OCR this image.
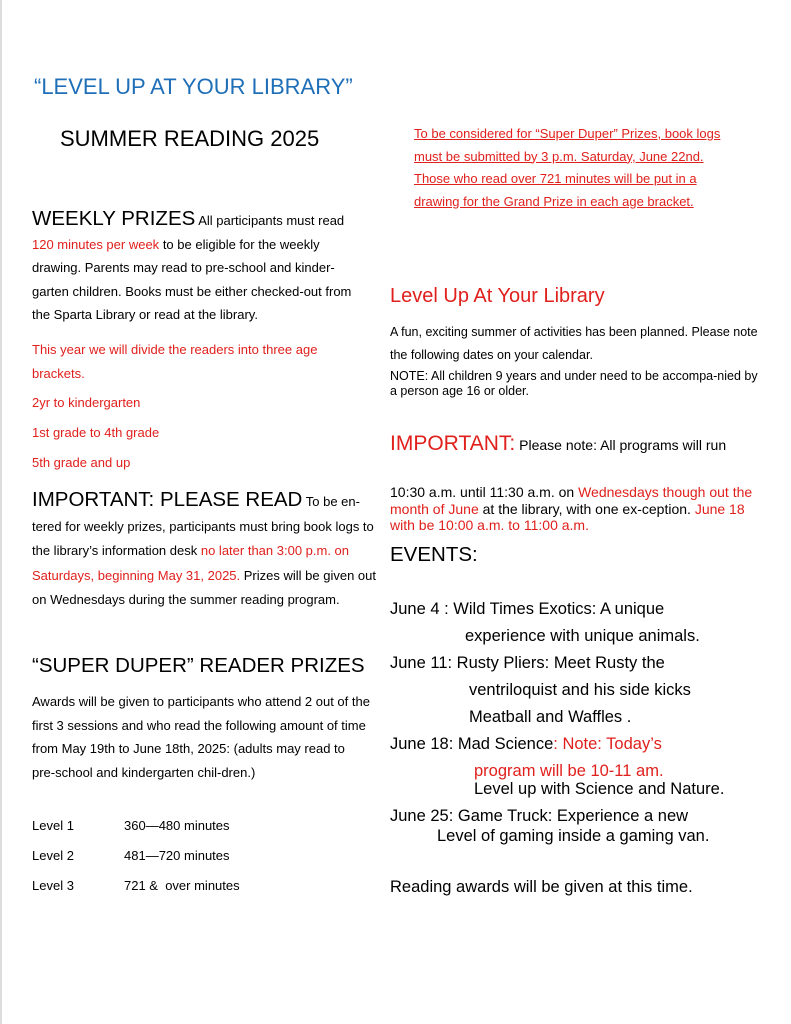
“LEVEL UP AT YOUR LIBRARY”
SUMMER READING 2025
WEEKLY PRIZES All participants must read 120 minutes per week to be eligible for the weekly drawing. Parents may read to pre-school and kinder-garten children. Books must be either checked-out from the Sparta Library or read at the library.
This year we will divide the readers into three age brackets.
2yr to kindergarten
1st grade to 4th grade
5th grade and up
IMPORTANT: PLEASE READ To be en-tered for weekly prizes, participants must bring book logs to the library’s information desk no later than 3:00 p.m. on Saturdays, beginning May 31, 2025. Prizes will be given out on Wednesdays during the summer reading program.
“SUPER DUPER” READER PRIZES
Awards will be given to participants who attend 2 out of the first 3 sessions and who read the following amount of time from May 19th to June 18th, 2025: (adults may read to pre-school and kindergarten chil-dren.)
Level 1	360—480 minutes
Level 2	481—720 minutes
Level 3	721 &  over minutes
To be considered for “Super Duper” Prizes, book logs must be submitted by 3 p.m. Saturday, June 22nd. Those who read over 721 minutes will be put in a drawing for the Grand Prize in each age bracket.
Level Up At Your Library
A fun, exciting summer of activities has been planned. Please note the following dates on your calendar.
NOTE: All children 9 years and under need to be accompa-nied by a person age 16 or older.
IMPORTANT: Please note: All programs will run
10:30 a.m. until 11:30 a.m. on Wednesdays though out the month of June at the library, with one ex-ception. June 18 with be 10:00 a.m. to 11:00 a.m.
EVENTS:
June 4 : Wild Times Exotics: A unique
experience with unique animals.
June 11: Rusty Pliers: Meet Rusty the
ventriloquist and his side kicks
Meatball and Waffles .
June 18: Mad Science: Note: Today’s
program will be 10-11 am.
Level up with Science and Nature.
June 25: Game Truck: Experience a new
Level of gaming inside a gaming van.
Reading awards will be given at this time.
